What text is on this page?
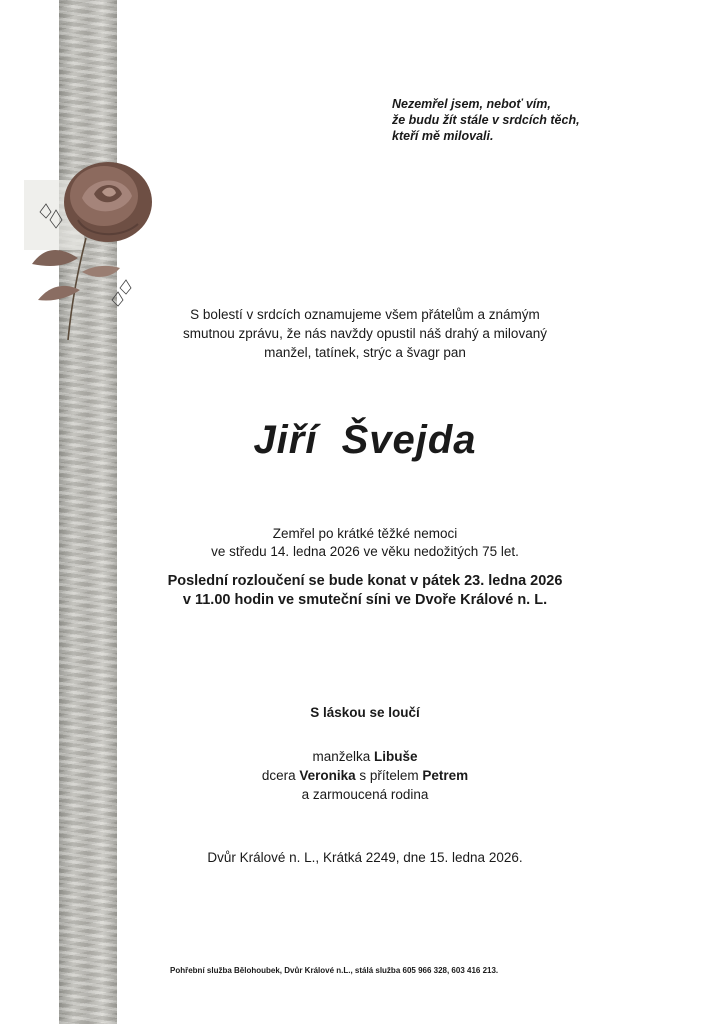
Nezemřel jsem, neboť vím,
že budu žít stále v srdcích těch,
kteří mě milovali.
S bolestí v srdcích oznamujeme všem přátelům a známým
smutnou zprávu, že nás navždy opustil náš drahý a milovaný
manžel, tatínek, strýc a švagr pan
Jiří Švejda
Zemřel po krátké těžké nemoci
ve středu 14. ledna 2026 ve věku nedožitých 75 let.
Poslední rozloučení se bude konat v pátek 23. ledna 2026
v 11.00 hodin ve smuteční síni ve Dvoře Králové n. L.
S láskou se loučí
manželka Libuše
dcera Veronika s přítelem Petrem
a zarmoucená rodina
Dvůr Králové n. L., Krátká 2249, dne 15. ledna 2026.
Pohřební služba Bělohoubek, Dvůr Králové n.L., stálá služba 605 966 328, 603 416 213.
